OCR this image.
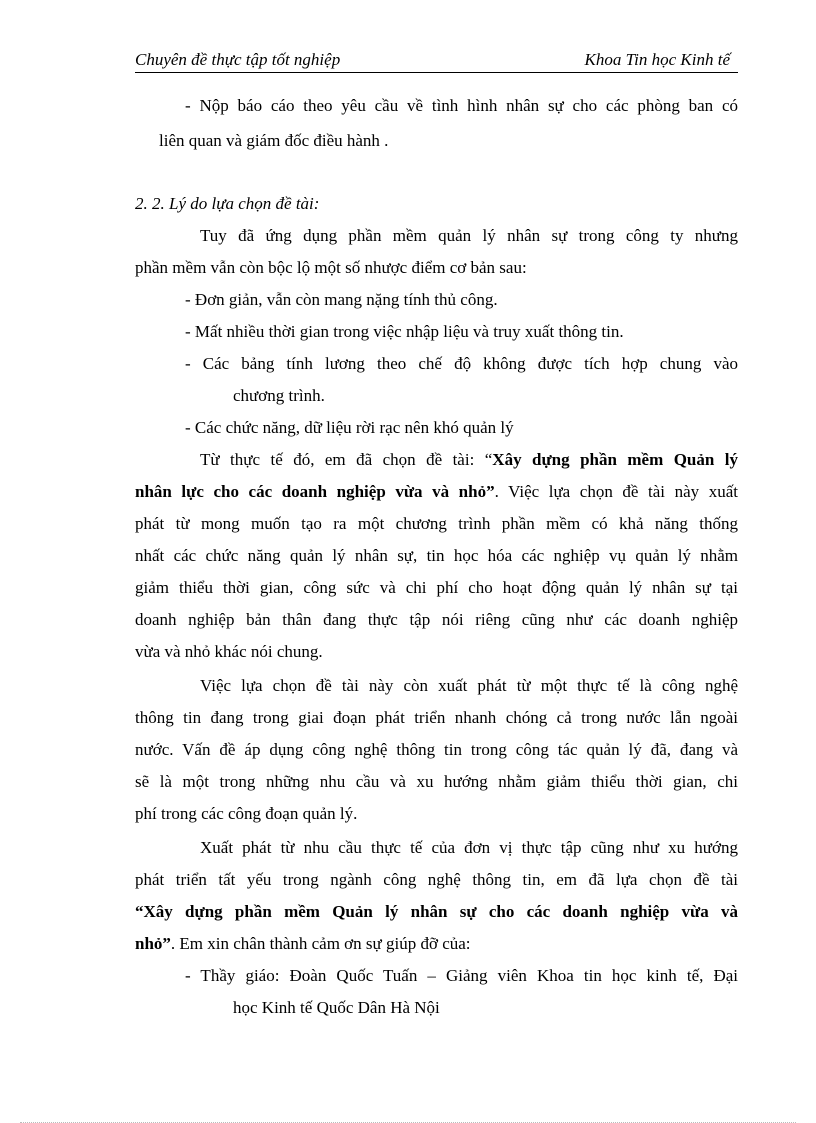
Chuyên đề thực tập tốt nghiệp	Khoa Tin học Kinh tế
- Nộp báo cáo theo yêu cầu về tình hình nhân sự cho các phòng ban có
liên quan và giám đốc điều hành .
2. 2. Lý do lựa chọn đề tài:
Tuy đã ứng dụng phần mềm quản lý nhân sự trong công ty nhưng
phần mềm vẫn còn bộc lộ một số nhược điểm cơ bản sau:
- Đơn giản, vẫn còn mang nặng tính thủ công.
- Mất nhiều thời gian trong việc nhập liệu và truy xuất thông tin.
- Các bảng tính lương theo chế độ không được tích hợp chung vào
chương trình.
- Các chức năng, dữ liệu rời rạc nên khó quản lý
Từ thực tế đó, em đã chọn đề tài: “Xây dựng phần mềm Quản lý
nhân lực cho các doanh nghiệp vừa và nhỏ”. Việc lựa chọn đề tài này xuất
phát từ mong muốn tạo ra một chương trình phần mềm có khả năng thống
nhất các chức năng quản lý nhân sự, tin học hóa các nghiệp vụ quản lý nhằm
giảm thiểu thời gian, công sức và chi phí cho hoạt động quản lý nhân sự tại
doanh nghiệp bản thân đang thực tập nói riêng cũng như các doanh nghiệp
vừa và nhỏ khác nói chung.
Việc lựa chọn đề tài này còn xuất phát từ một thực tế là công nghệ
thông tin đang trong giai đoạn phát triển nhanh chóng cả trong nước lẫn ngoài
nước. Vấn đề áp dụng công nghệ thông tin trong công tác quản lý đã, đang và
sẽ là một trong những nhu cầu và xu hướng nhằm giảm thiểu thời gian, chi
phí trong các công đoạn quản lý.
Xuất phát từ nhu cầu thực tế của đơn vị thực tập cũng như xu hướng
phát triển tất yếu trong ngành công nghệ thông tin, em đã lựa chọn đề tài
“Xây dựng phần mềm Quản lý nhân sự cho các doanh nghiệp vừa và
nhỏ”. Em xin chân thành cảm ơn sự giúp đỡ của:
- Thầy giáo: Đoàn Quốc Tuấn – Giảng viên Khoa tin học kinh tế, Đại
học Kinh tế Quốc Dân Hà Nội
